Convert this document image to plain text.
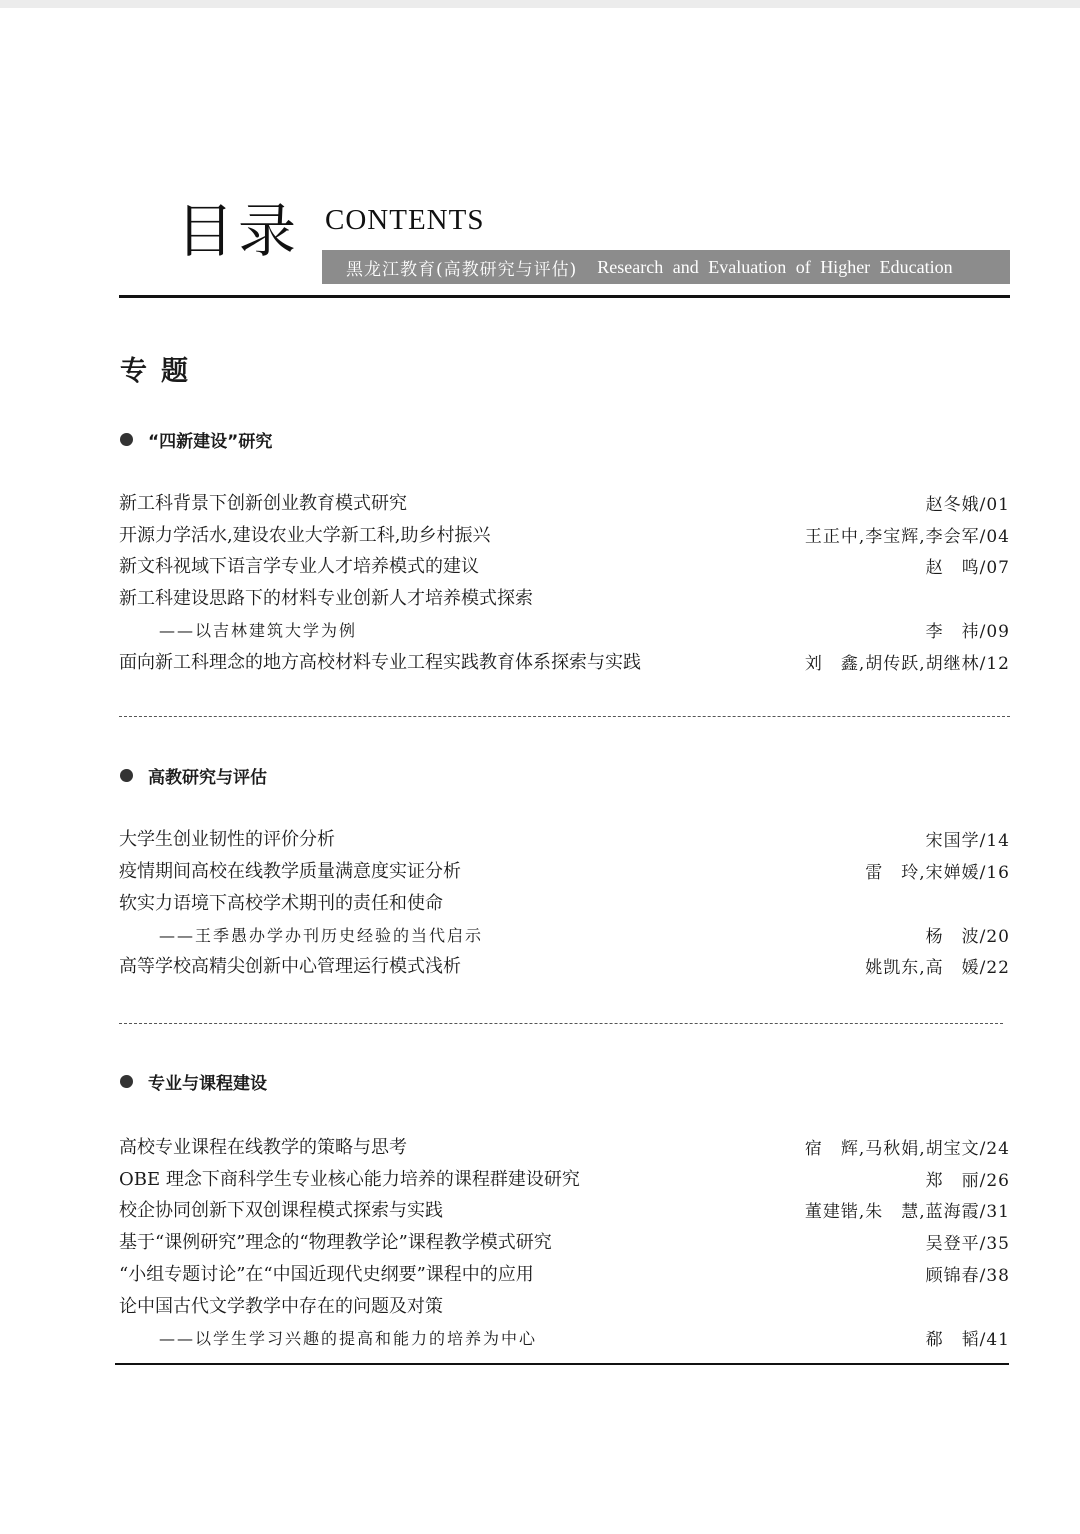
目录 CONTENTS
黑龙江教育(高教研究与评估) Research and Evaluation of Higher Education
专题
“四新建设”研究
新工科背景下创新创业教育模式研究	赵冬娥/01
开源力学活水,建设农业大学新工科,助乡村振兴	王正中,李宝辉,李会军/04
新文科视域下语言学专业人才培养模式的建议	赵　鸣/07
新工科建设思路下的材料专业创新人才培养模式探索
——以吉林建筑大学为例	李　祎/09
面向新工科理念的地方高校材料专业工程实践教育体系探索与实践	刘　鑫,胡传跃,胡继林/12
高教研究与评估
大学生创业韧性的评价分析	宋国学/14
疫情期间高校在线教学质量满意度实证分析	雷　玲,宋婵媛/16
软实力语境下高校学术期刊的责任和使命
——王季愚办学办刊历史经验的当代启示	杨　波/20
高等学校高精尖创新中心管理运行模式浅析	姚凯东,高　媛/22
专业与课程建设
高校专业课程在线教学的策略与思考	宿　辉,马秋娟,胡宝文/24
OBE 理念下商科学生专业核心能力培养的课程群建设研究	郑　丽/26
校企协同创新下双创课程模式探索与实践	董建锴,朱　慧,蓝海霞/31
基于“课例研究”理念的“物理教学论”课程教学模式研究	吴登平/35
“小组专题讨论”在“中国近现代史纲要”课程中的应用	顾锦春/38
论中国古代文学教学中存在的问题及对策
——以学生学习兴趣的提高和能力的培养为中心	郗　韬/41
